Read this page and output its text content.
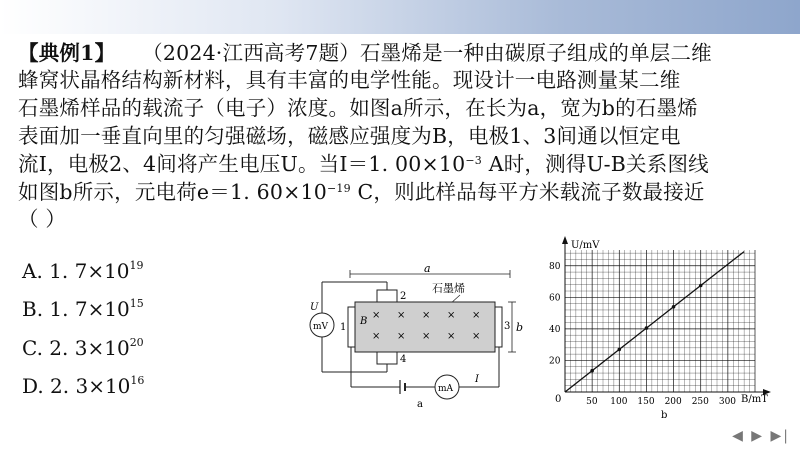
【典例1】 （2024·江西高考7题）石墨烯是一种由碳原子组成的单层二维
蜂窝状晶格结构新材料，具有丰富的电学性能。现设计一电路测量某二维
石墨烯样品的载流子（电子）浓度。如图a所示，在长为a，宽为b的石墨烯
表面加一垂直向里的匀强磁场，磁感应强度为B，电极1、3间通以恒定电
流I，电极2、4间将产生电压U。当I＝1. $00\times 10^{-3}$ A时，测得U-B关系图线
如图b所示，元电荷e＝1. $60\times 10^{-19}$ C，则此样品每平方米载流子数最接近
（ ）
A. 1. $7\times 10^{19}$
B. 1. $7\times 10^{15}$
C. 2. $3\times 10^{20}$
D. 2. $3\times 10^{16}$
a
石墨烯
2
4
1	3
B
× × × × ×
× × × × ×
b
mV
U
mA
I
a
U/mV
B/mT
0	50 100 150 200 250 300
20
40
60
80
b
◀ ▶ ▶|
